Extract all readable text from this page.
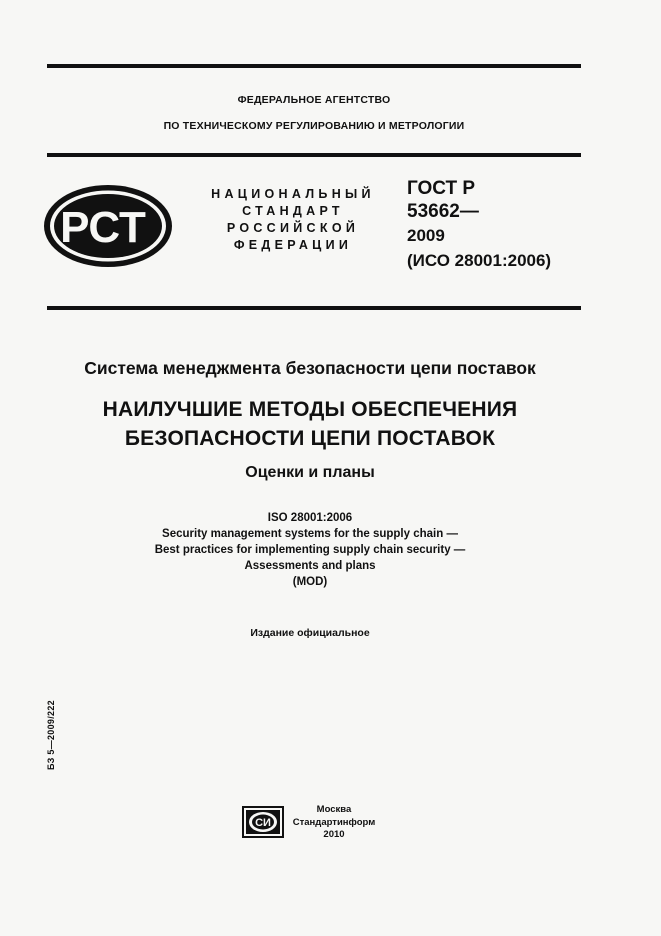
ФЕДЕРАЛЬНОЕ АГЕНТСТВО
ПО ТЕХНИЧЕСКОМУ РЕГУЛИРОВАНИЮ И МЕТРОЛОГИИ
РСТ
НАЦИОНАЛЬНЫЙ
СТАНДАРТ
РОССИЙСКОЙ
ФЕДЕРАЦИИ
ГОСТ Р
53662—
2009
(ИСО 28001:2006)
Система менеджмента безопасности цепи поставок
НАИЛУЧШИЕ МЕТОДЫ ОБЕСПЕЧЕНИЯ
БЕЗОПАСНОСТИ ЦЕПИ ПОСТАВОК
Оценки и планы
ISO 28001:2006
Security management systems for the supply chain —
Best practices for implementing supply chain security —
Assessments and plans
(MOD)
Издание официальное
БЗ 5—2009/222
СИ
Москва
Стандартинформ
2010
